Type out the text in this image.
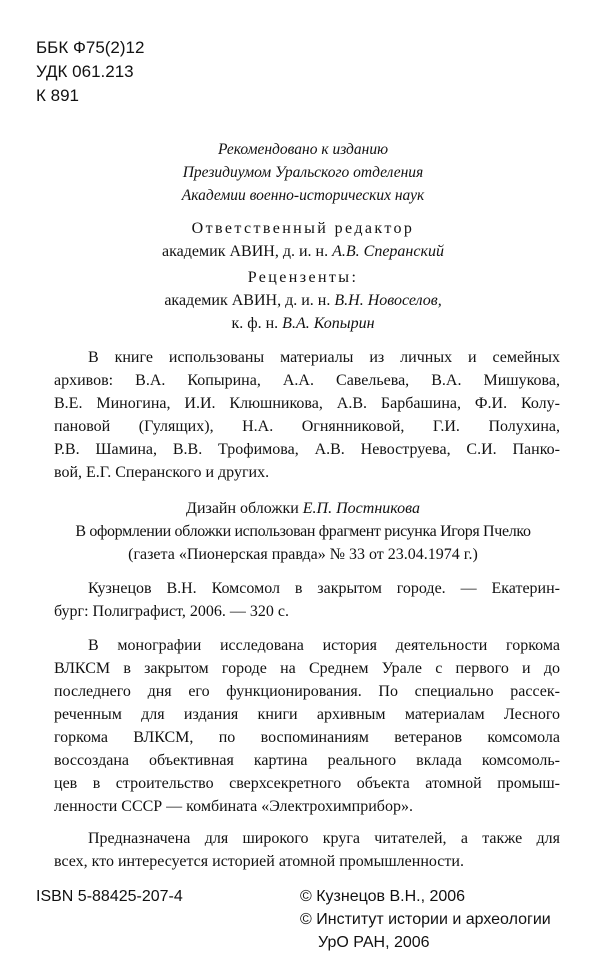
ББК Ф75(2)12
УДК 061.213
К 891
Рекомендовано к изданию
Президиумом Уральского отделения
Академии военно-исторических наук
Ответственный редактор
академик АВИН, д. и. н. А.В. Сперанский
Рецензенты:
академик АВИН, д. и. н. В.Н. Новоселов,
к. ф. н. В.А. Копырин
В книге использованы материалы из личных и семейных
архивов: В.А. Копырина, А.А. Савельева, В.А. Мишукова,
В.Е. Миногина, И.И. Клюшникова, А.В. Барбашина, Ф.И. Колу-
пановой (Гулящих), Н.А. Огнянниковой, Г.И. Полухина,
Р.В. Шамина, В.В. Трофимова, А.В. Невоструева, С.И. Панко-
вой, Е.Г. Сперанского и других.
Дизайн обложки Е.П. Постникова
В оформлении обложки использован фрагмент рисунка Игоря Пчелко
(газета «Пионерская правда» № 33 от 23.04.1974 г.)
Кузнецов В.Н. Комсомол в закрытом городе. — Екатерин-
бург: Полиграфист, 2006. — 320 с.
В монографии исследована история деятельности горкома
ВЛКСМ в закрытом городе на Среднем Урале с первого и до
последнего дня его функционирования. По специально рассек-
реченным для издания книги архивным материалам Лесного
горкома ВЛКСМ, по воспоминаниям ветеранов комсомола
воссоздана объективная картина реального вклада комсомоль-
цев в строительство сверхсекретного объекта атомной промыш-
ленности СССР — комбината «Электрохимприбор».
Предназначена для широкого круга читателей, а также для
всех, кто интересуется историей атомной промышленности.
ISBN 5-88425-207-4	© Кузнецов В.Н., 2006
© Институт истории и археологии
УрО РАН, 2006
